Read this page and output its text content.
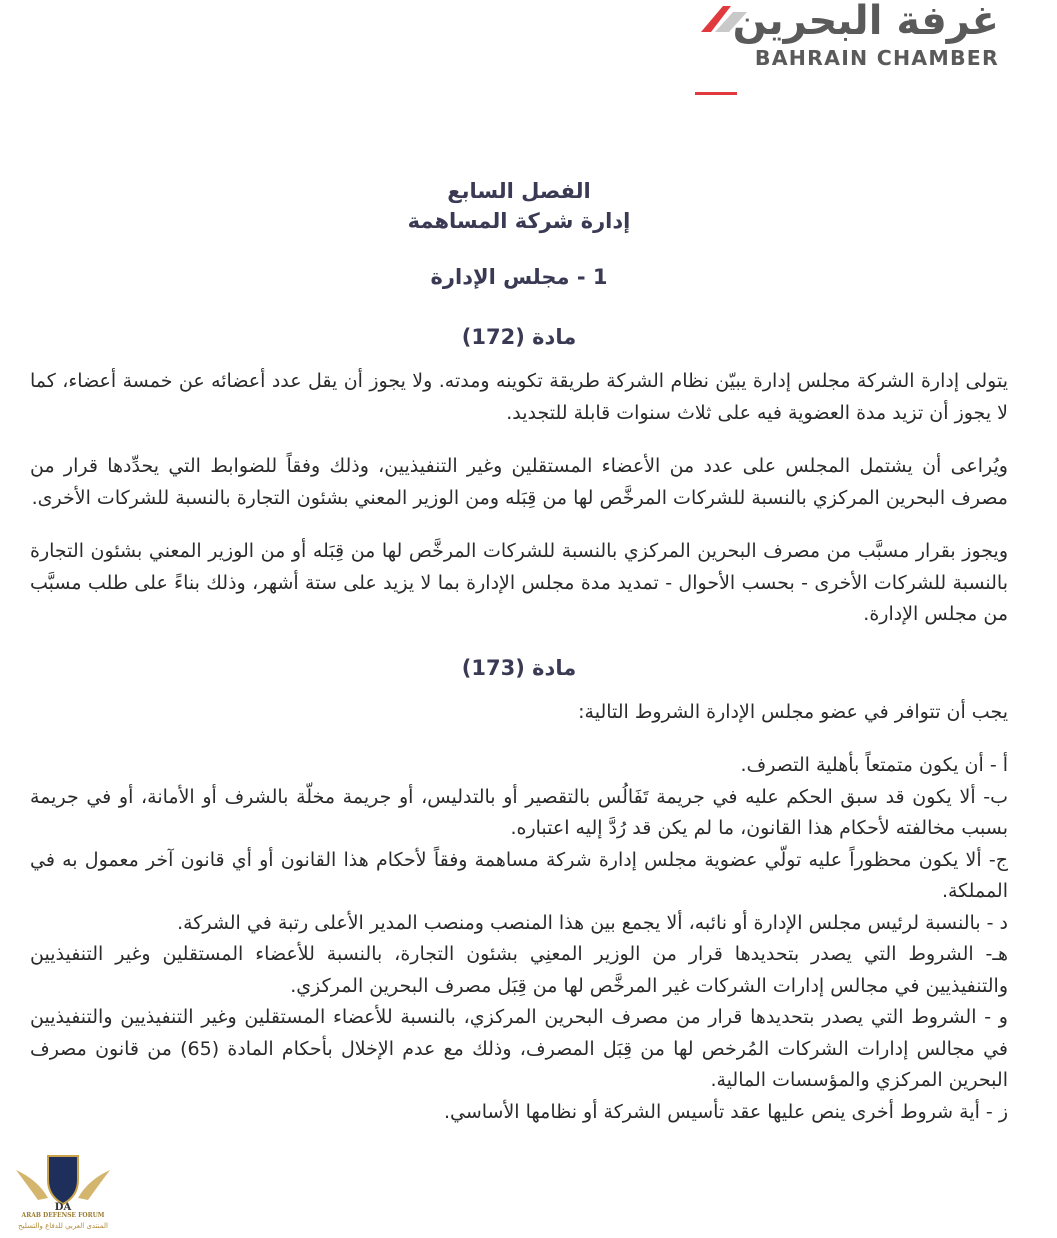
غرفة البحرين
BAHRAIN CHAMBER
الفصل السابع
إدارة شركة المساهمة
1 - مجلس الإدارة
مادة (172)

يتولى إدارة الشركة مجلس إدارة يبيّن نظام الشركة طريقة تكوينه ومدته. ولا يجوز أن يقل عدد أعضائه عن خمسة أعضاء، كما لا يجوز أن تزيد مدة العضوية فيه على ثلاث سنوات قابلة للتجديد.

ويُراعى أن يشتمل المجلس على عدد من الأعضاء المستقلين وغير التنفيذيين، وذلك وفقاً للضوابط التي يحدِّدها قرار من مصرف البحرين المركزي بالنسبة للشركات المرخَّص لها من قِبَله ومن الوزير المعني بشئون التجارة بالنسبة للشركات الأخرى.

ويجوز بقرار مسبَّب من مصرف البحرين المركزي بالنسبة للشركات المرخَّص لها من قِبَله أو من الوزير المعني بشئون التجارة بالنسبة للشركات الأخرى - بحسب الأحوال - تمديد مدة مجلس الإدارة بما لا يزيد على ستة أشهر، وذلك بناءً على طلب مسبَّب من مجلس الإدارة.

مادة (173)

يجب أن تتوافر في عضو مجلس الإدارة الشروط التالية:

أ - أن يكون متمتعاً بأهلية التصرف.
ب- ألا يكون قد سبق الحكم عليه في جريمة تَفَالُس بالتقصير أو بالتدليس، أو جريمة مخلّة بالشرف أو الأمانة، أو في جريمة بسبب مخالفته لأحكام هذا القانون، ما لم يكن قد رُدَّ إليه اعتباره.
ج- ألا يكون محظوراً عليه تولّي عضوية مجلس إدارة شركة مساهمة وفقاً لأحكام هذا القانون أو أي قانون آخر معمول به في المملكة.
د - بالنسبة لرئيس مجلس الإدارة أو نائبه، ألا يجمع بين هذا المنصب ومنصب المدير الأعلى رتبة في الشركة.
هـ- الشروط التي يصدر بتحديدها قرار من الوزير المعنِي بشئون التجارة، بالنسبة للأعضاء المستقلين وغير التنفيذيين والتنفيذيين في مجالس إدارات الشركات غير المرخَّص لها من قِبَل مصرف البحرين المركزي.
و - الشروط التي يصدر بتحديدها قرار من مصرف البحرين المركزي، بالنسبة للأعضاء المستقلين وغير التنفيذيين والتنفيذيين في مجالس إدارات الشركات المُرخص لها من قِبَل المصرف، وذلك مع عدم الإخلال بأحكام المادة (65) من قانون مصرف البحرين المركزي والمؤسسات المالية.
ز - أية شروط أخرى ينص عليها عقد تأسيس الشركة أو نظامها الأساسي.
DA
ARAB DEFENSE FORUM
المنتدى العربي للدفاع والتسليح
